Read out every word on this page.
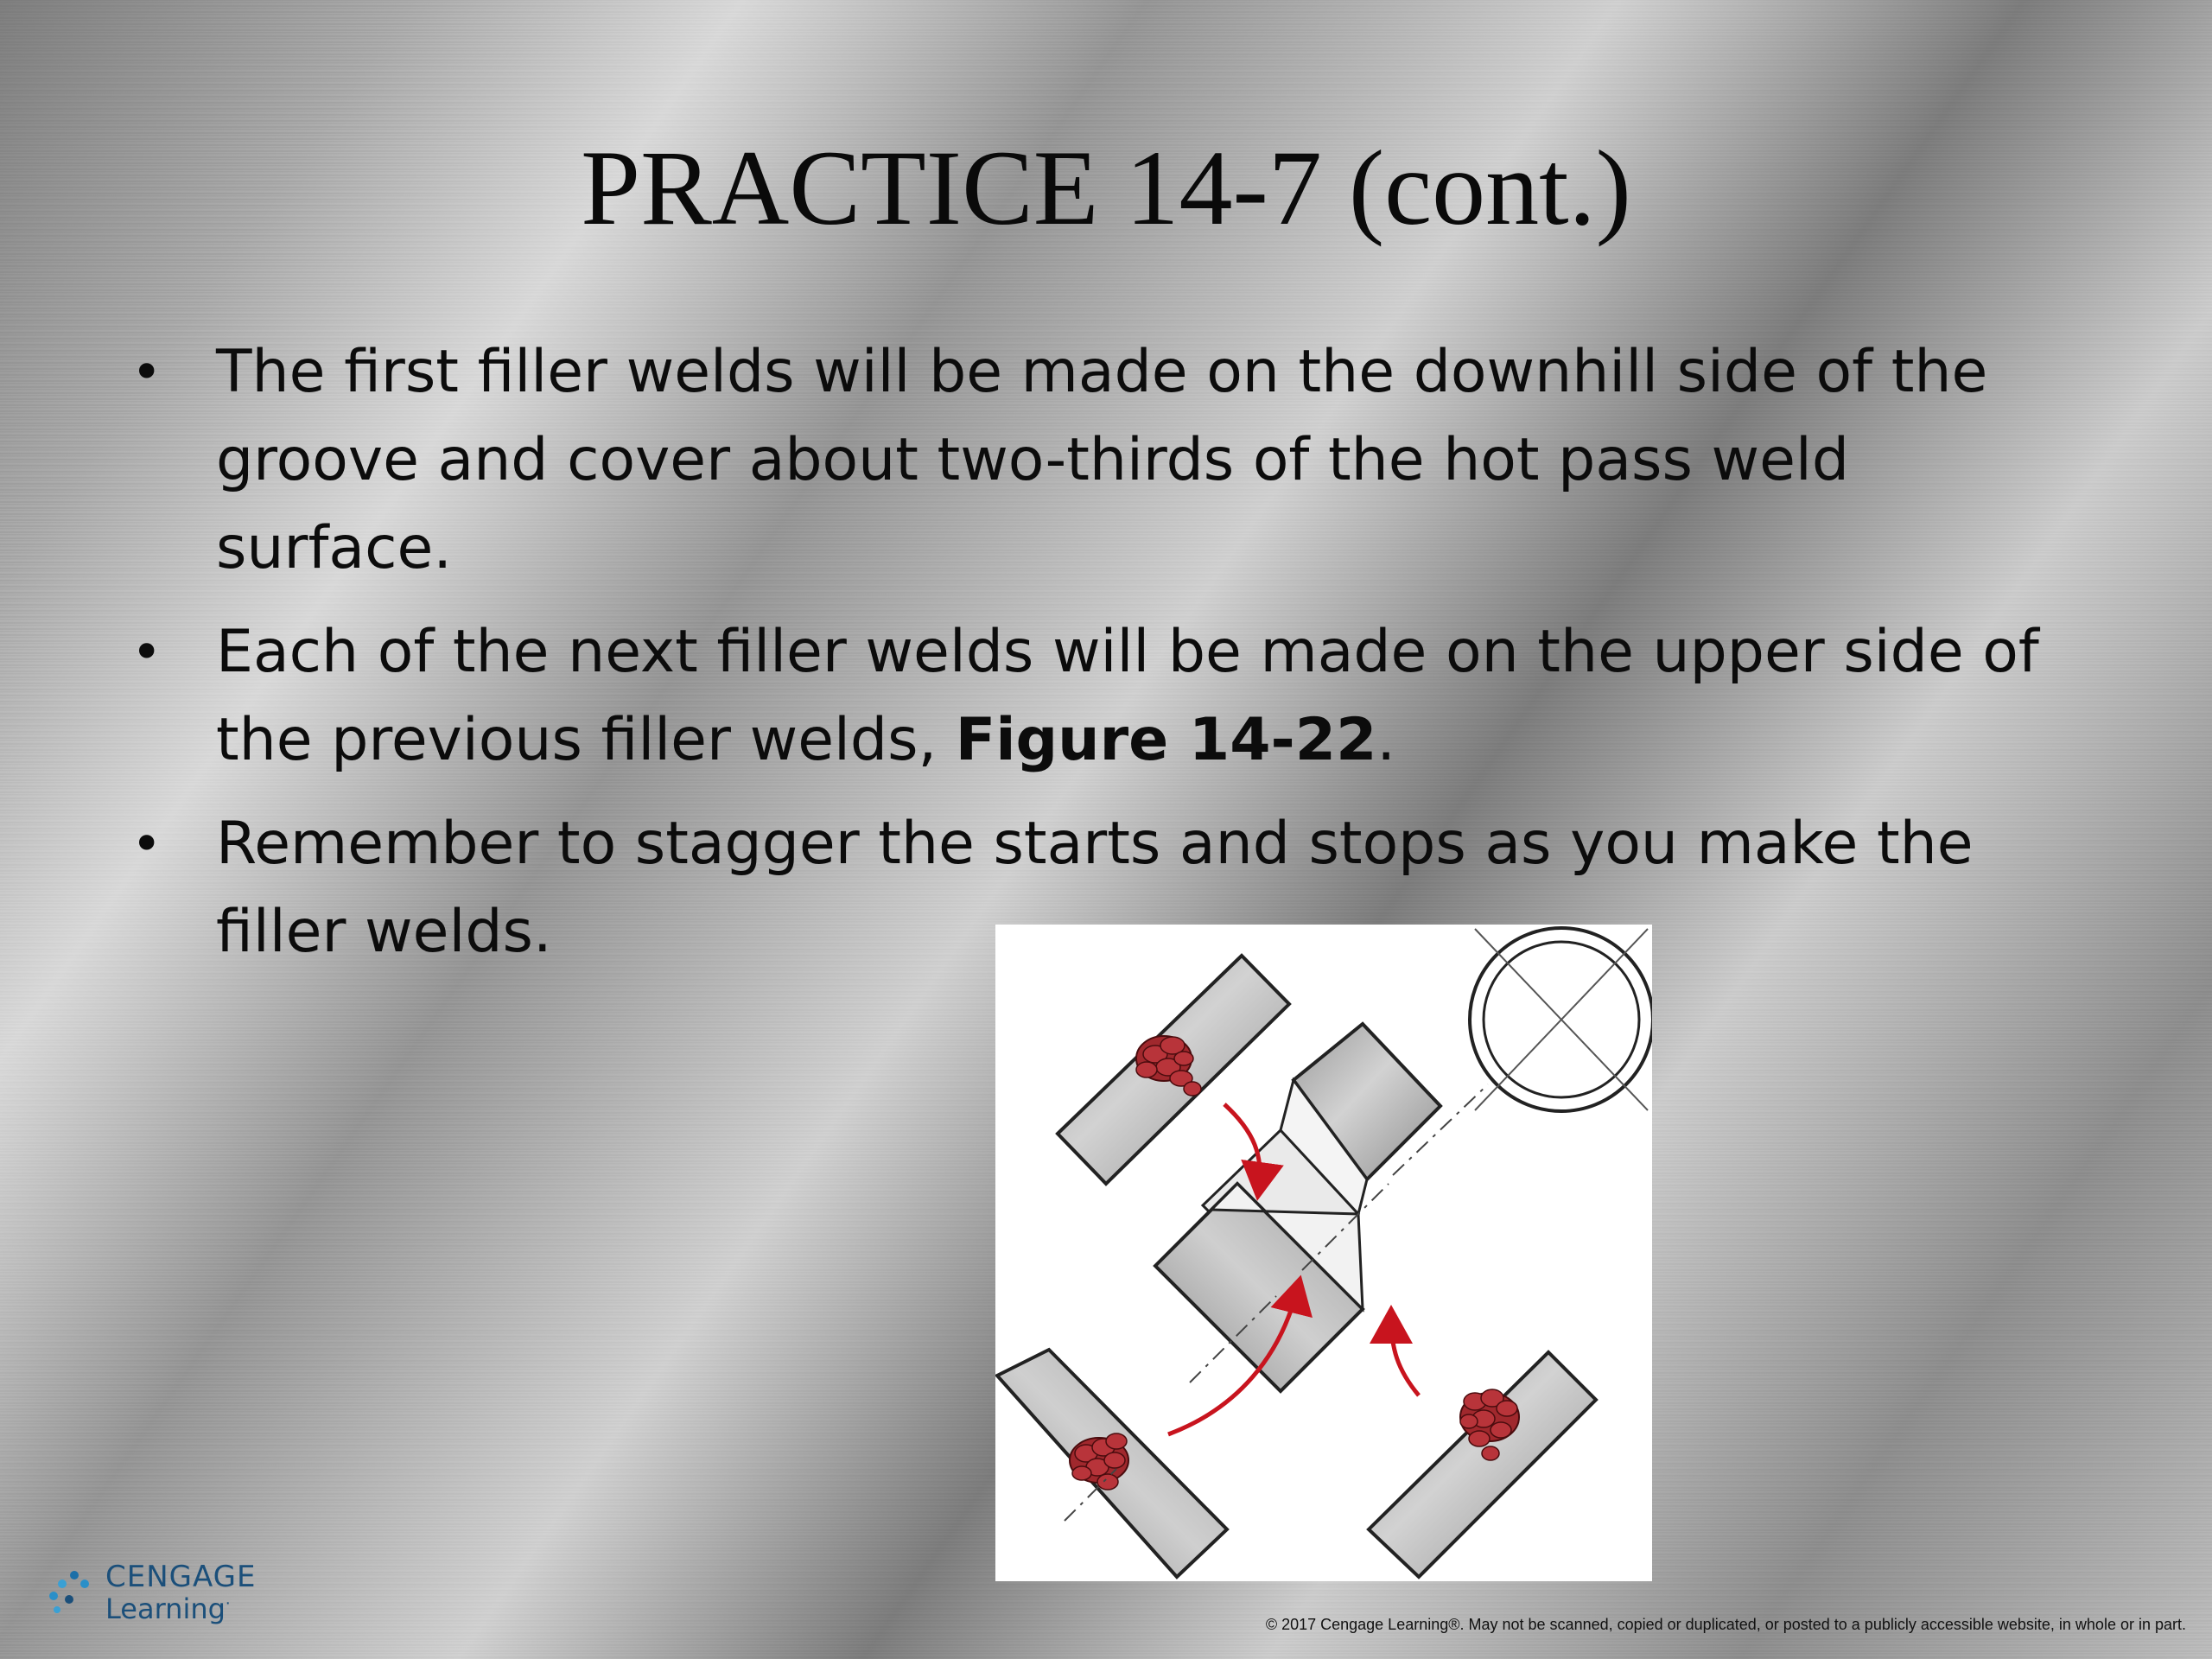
PRACTICE 14-7 (cont.)
• The first filler welds will be made on the downhill side of the groove and cover about two-thirds of the hot pass weld surface.
• Each of the next filler welds will be made on the upper side of the previous filler welds, Figure 14-22.
• Remember to stagger the starts and stops as you make the filler welds.
CENGAGE
Learning·
© 2017 Cengage Learning®. May not be scanned, copied or duplicated, or posted to a publicly accessible website, in whole or in part.
